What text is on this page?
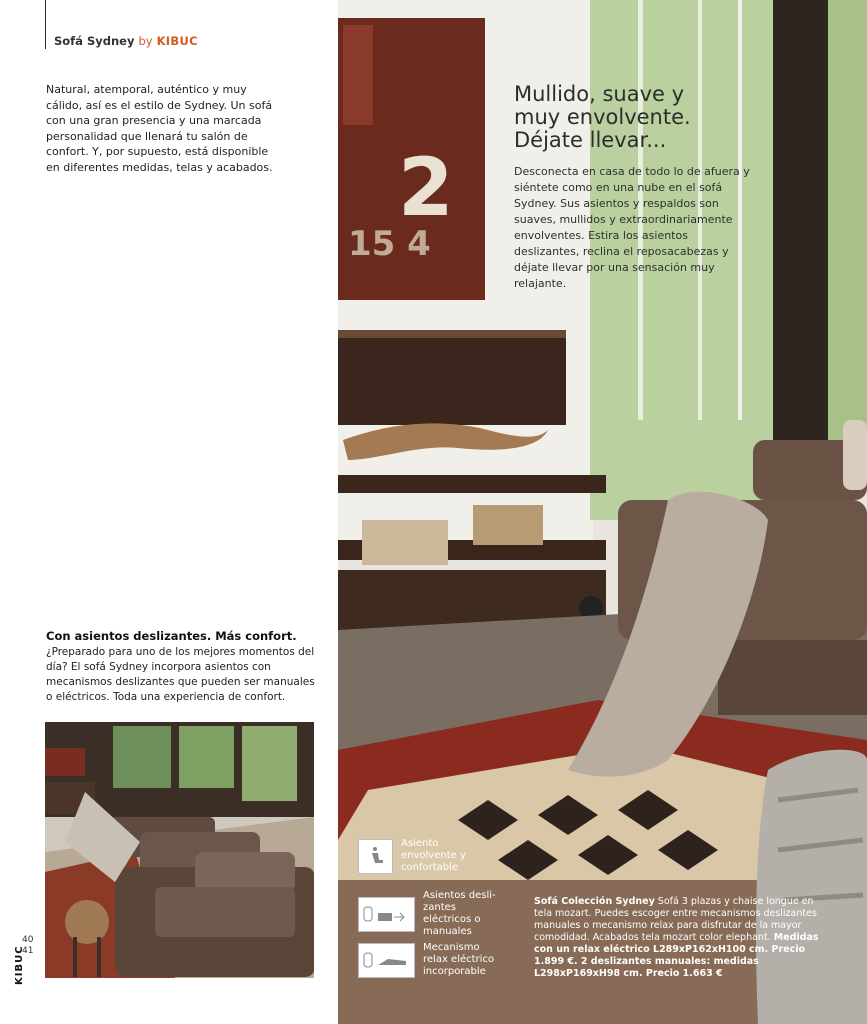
Sofá Sydney by KIBUC

Natural, atemporal, auténtico y muy cálido, así es el estilo de Sydney. Un sofá con una gran presencia y una marcada personalidad que llenará tu salón de confort. Y, por supuesto, está disponible en diferentes medidas, telas y acabados.

Con asientos deslizantes. Más confort.

¿Preparado para uno de los mejores momentos del día? El sofá Sydney incorpora asientos con mecanismos deslizantes que pueden ser manuales o eléctricos. Toda una experiencia de confort.

40
41
KIBUC
2
15 4

Mullido, suave y muy envolvente. Déjate llevar...

Desconecta en casa de todo lo de afuera y siéntete como en una nube en el sofá Sydney. Sus asientos y respaldos son suaves, mullidos y extraordinariamente envolventes. Estira los asientos deslizantes, reclina el reposacabezas y déjate llevar por una sensación muy relajante.

Asiento envolvente y confortable
Asientos desli-zantes eléctricos o manuales
Mecanismo relax eléctrico incorporable

Sofá Colección Sydney Sofá 3 plazas y chaise longue en tela mozart. Puedes escoger entre mecanismos deslizantes manuales o mecanismo relax para disfrutar de la mayor comodidad. Acabados tela mozart color elephant. Medidas con un relax eléctrico L289xP162xH100 cm. Precio 1.899 €. 2 deslizantes manuales: medidas L298xP169xH98 cm. Precio 1.663 €
